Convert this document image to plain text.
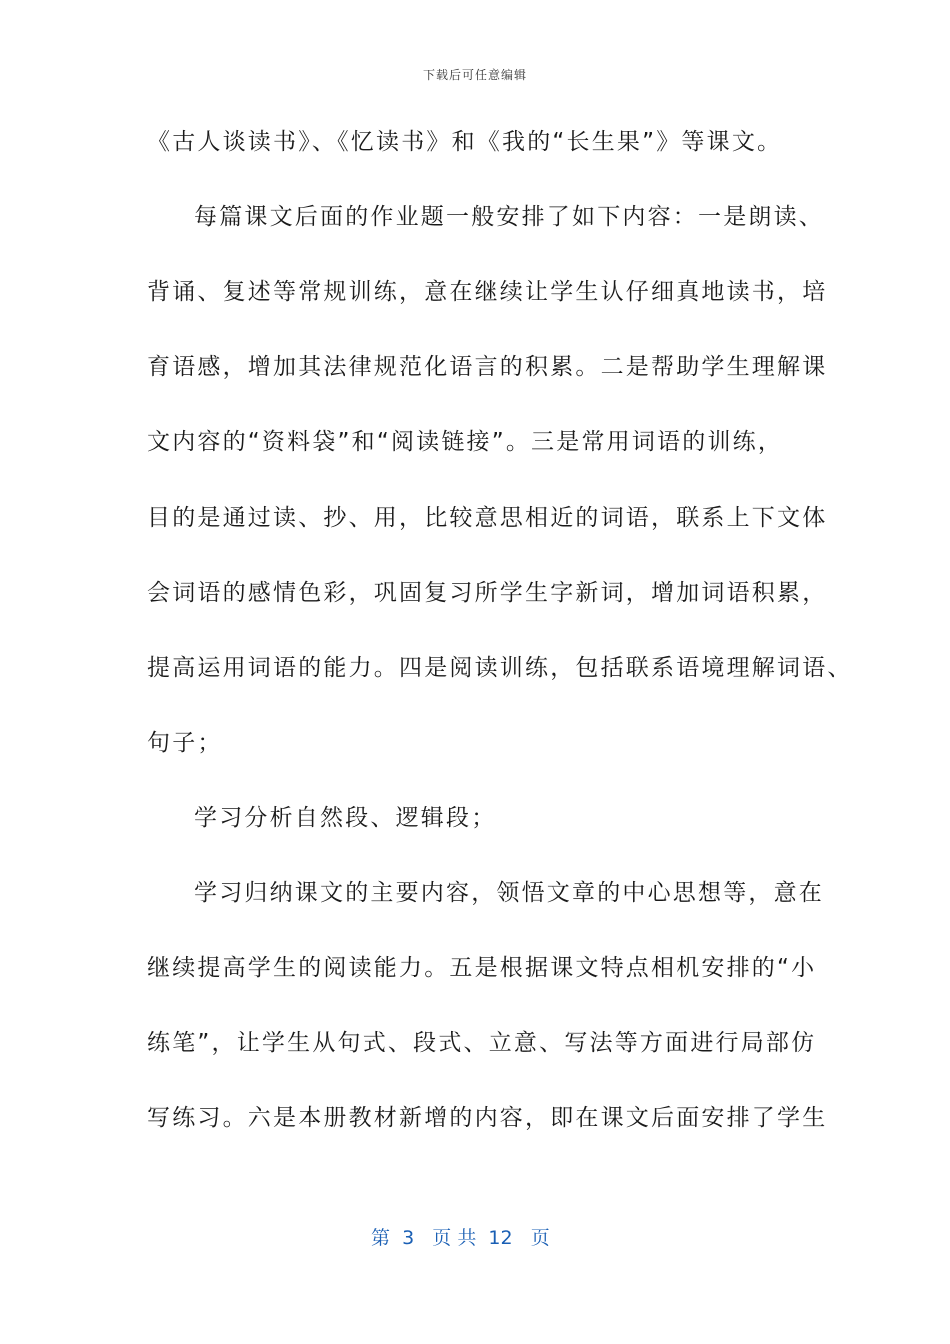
下载后可任意编辑
《古人谈读书》、《忆读书》和《我的“长生果”》等课文。
每篇课文后面的作业题一般安排了如下内容：一是朗读、
背诵、复述等常规训练，意在继续让学生认仔细真地读书，培
育语感，增加其法律规范化语言的积累。二是帮助学生理解课
文内容的“资料袋”和“阅读链接”。三是常用词语的训练，
目的是通过读、抄、用，比较意思相近的词语，联系上下文体
会词语的感情色彩，巩固复习所学生字新词，增加词语积累，
提高运用词语的能力。四是阅读训练，包括联系语境理解词语、
句子；
学习分析自然段、逻辑段；
学习归纳课文的主要内容，领悟文章的中心思想等，意在
继续提高学生的阅读能力。五是根据课文特点相机安排的“小
练笔”，让学生从句式、段式、立意、写法等方面进行局部仿
写练习。六是本册教材新增的内容，即在课文后面安排了学生
第  3   页 共  12   页
